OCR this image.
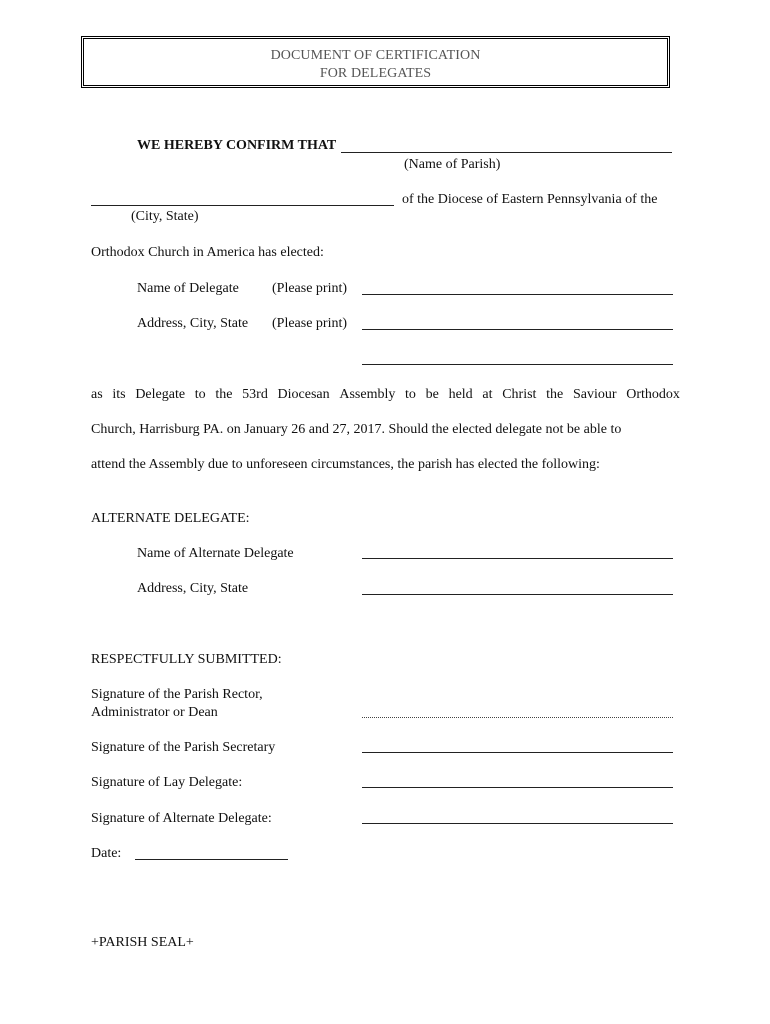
DOCUMENT OF CERTIFICATION
FOR DELEGATES
WE HEREBY CONFIRM THAT
(Name of Parish)
of the Diocese of Eastern Pennsylvania of the
(City, State)
Orthodox Church in America has elected:
Name of Delegate (Please print)
Address, City, State (Please print)
as its Delegate to the 53rd Diocesan Assembly to be held at Christ the Saviour Orthodox
Church, Harrisburg PA. on January 26 and 27, 2017. Should the elected delegate not be able to
attend the Assembly due to unforeseen circumstances, the parish has elected the following:
ALTERNATE DELEGATE:
Name of Alternate Delegate
Address, City, State
RESPECTFULLY SUBMITTED:
Signature of the Parish Rector,
Administrator or Dean
Signature of the Parish Secretary
Signature of Lay Delegate:
Signature of Alternate Delegate:
Date:
+PARISH SEAL+
